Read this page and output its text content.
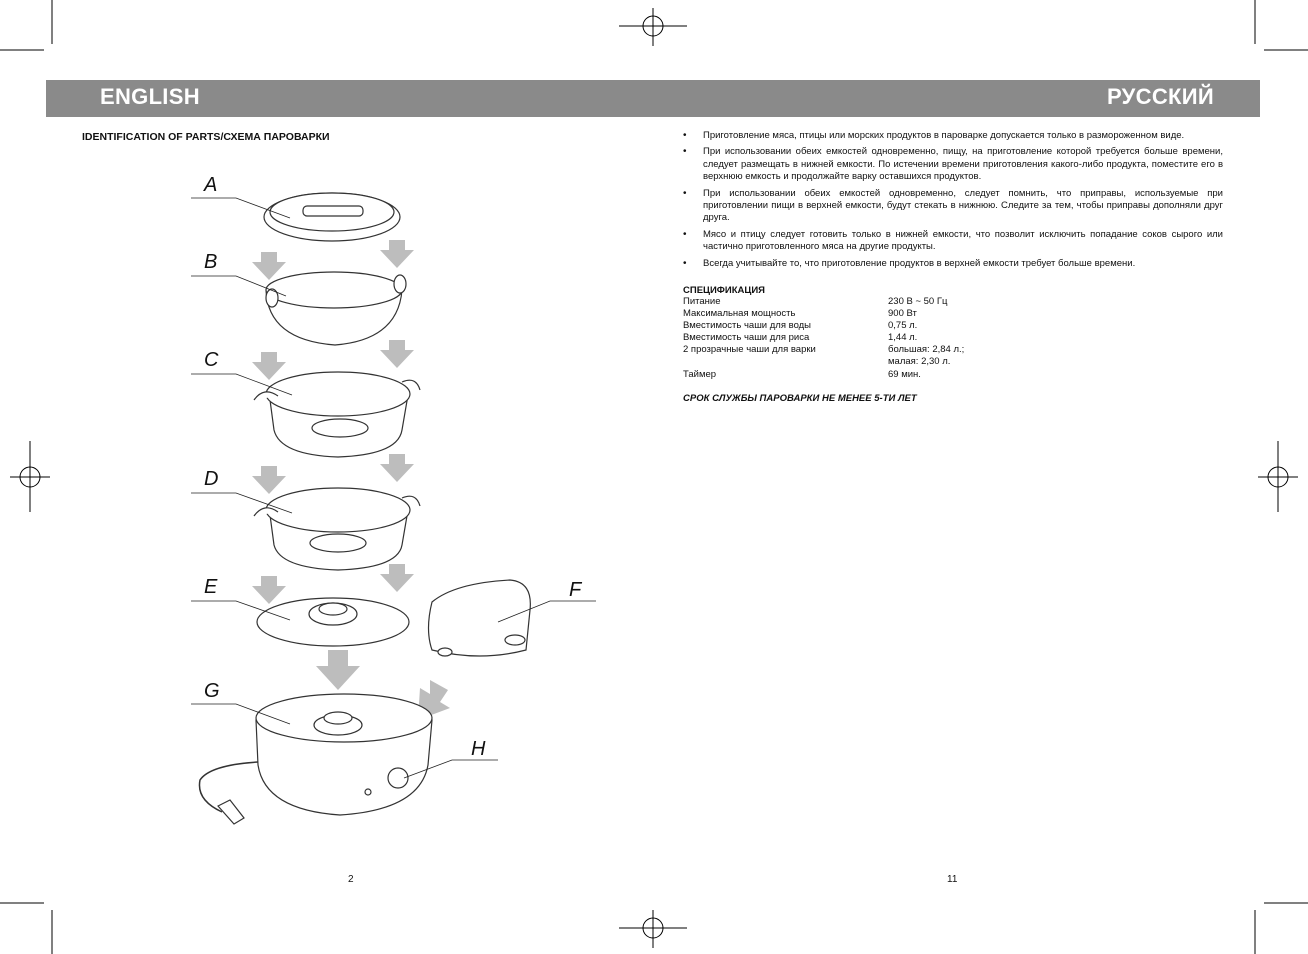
ENGLISH	РУССКИЙ
IDENTIFICATION OF PARTS/СХЕМА ПАРОВАРКИ
A
B
C
D
E	F
G
H
2
• Приготовление мяса, птицы или морских продуктов в пароварке допускается только в размороженном виде.
• При использовании обеих емкостей одновременно, пищу, на приготовление которой требуется больше времени, следует размещать в нижней емкости. По истечении времени приготовления какого-либо продукта, поместите его в верхнюю емкость и продолжайте варку оставшихся продуктов.
• При использовании обеих емкостей одновременно, следует помнить, что приправы, используемые при приготовлении пищи в верхней емкости, будут стекать в нижнюю. Следите за тем, чтобы приправы дополняли друг друга.
• Мясо и птицу следует готовить только в нижней емкости, что позволит исключить попадание соков сырого или частично приготовленного мяса на другие продукты.
• Всегда учитывайте то, что приготовление продуктов в верхней емкости требует больше времени.
СПЕЦИФИКАЦИЯ
Питание	230 В ~ 50 Гц
Максимальная мощность	900 Вт
Вместимость чаши для воды	0,75 л.
Вместимость чаши для риса	1,44 л.
2 прозрачные чаши для варки	большая: 2,84 л.;
	малая: 2,30 л.
Таймер	69 мин.
СРОК СЛУЖБЫ ПАРОВАРКИ НЕ МЕНЕЕ 5-ТИ ЛЕТ
11
